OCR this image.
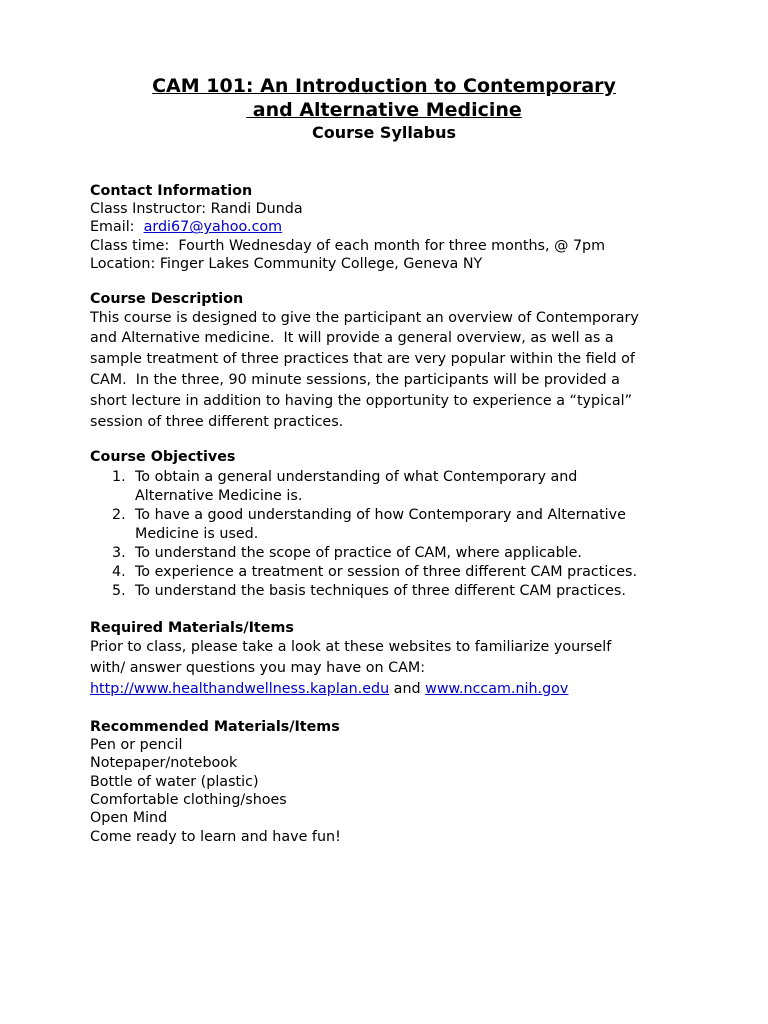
CAM 101: An Introduction to Contemporary
and Alternative Medicine
Course Syllabus
Contact Information
Class Instructor: Randi Dunda
Email:  ardi67@yahoo.com
Class time:  Fourth Wednesday of each month for three months, @ 7pm
Location: Finger Lakes Community College, Geneva NY
Course Description
This course is designed to give the participant an overview of Contemporary
and Alternative medicine.  It will provide a general overview, as well as a
sample treatment of three practices that are very popular within the field of
CAM.  In the three, 90 minute sessions, the participants will be provided a
short lecture in addition to having the opportunity to experience a “typical”
session of three different practices.
Course Objectives
1. To obtain a general understanding of what Contemporary and
Alternative Medicine is.
2. To have a good understanding of how Contemporary and Alternative
Medicine is used.
3. To understand the scope of practice of CAM, where applicable.
4. To experience a treatment or session of three different CAM practices.
5. To understand the basis techniques of three different CAM practices.
Required Materials/Items
Prior to class, please take a look at these websites to familiarize yourself
with/ answer questions you may have on CAM:
http://www.healthandwellness.kaplan.edu and www.nccam.nih.gov
Recommended Materials/Items
Pen or pencil
Notepaper/notebook
Bottle of water (plastic)
Comfortable clothing/shoes
Open Mind
Come ready to learn and have fun!
